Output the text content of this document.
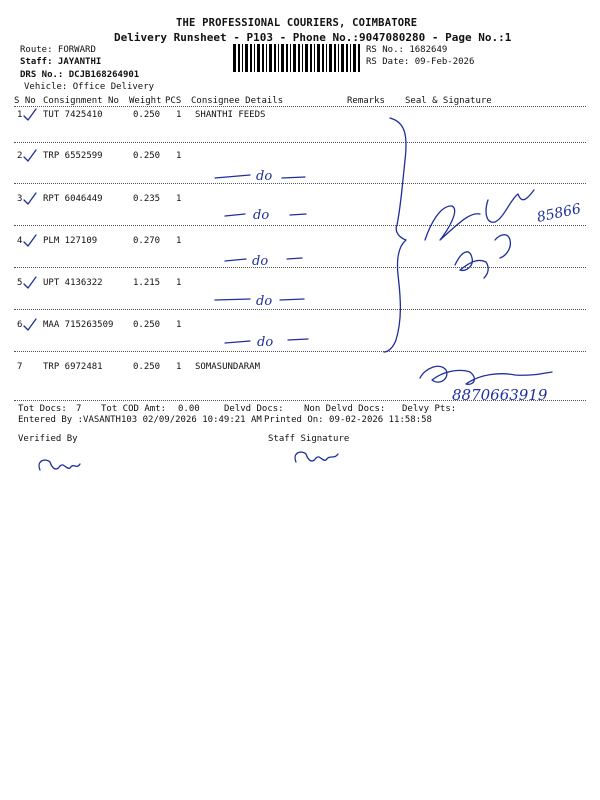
THE PROFESSIONAL COURIERS, COIMBATORE
Delivery Runsheet - P103 - Phone No.:9047080280 - Page No.:1
Route: FORWARD
Staff: JAYANTHI
DRS No.: DCJB168264901
Vehicle: Office Delivery
RS No.: 1682649
RS Date: 09-Feb-2026
S No Consignment No Weight PCS Consignee Details	Remarks Seal & Signature
1 TUT 7425410	0.250 1 SHANTHI FEEDS
2 TRP 6552599	0.250 1
3 RPT 6046449	0.235 1
4 PLM 127109	0.270 1
5 UPT 4136322	1.215 1
6 MAA 715263509 0.250 1
7 TRP 6972481	0.250 1 SOMASUNDARAM
Tot Docs: 7 Tot COD Amt: 0.00	Delvd Docs: Non Delvd Docs: Delvy Pts:
Entered By :VASANTH103 02/09/2026 10:49:21 AM Printed On: 09-02-2026 11:58:58
Verified By	Staff Signature
do
do
do
do
do
85866
8870663919
